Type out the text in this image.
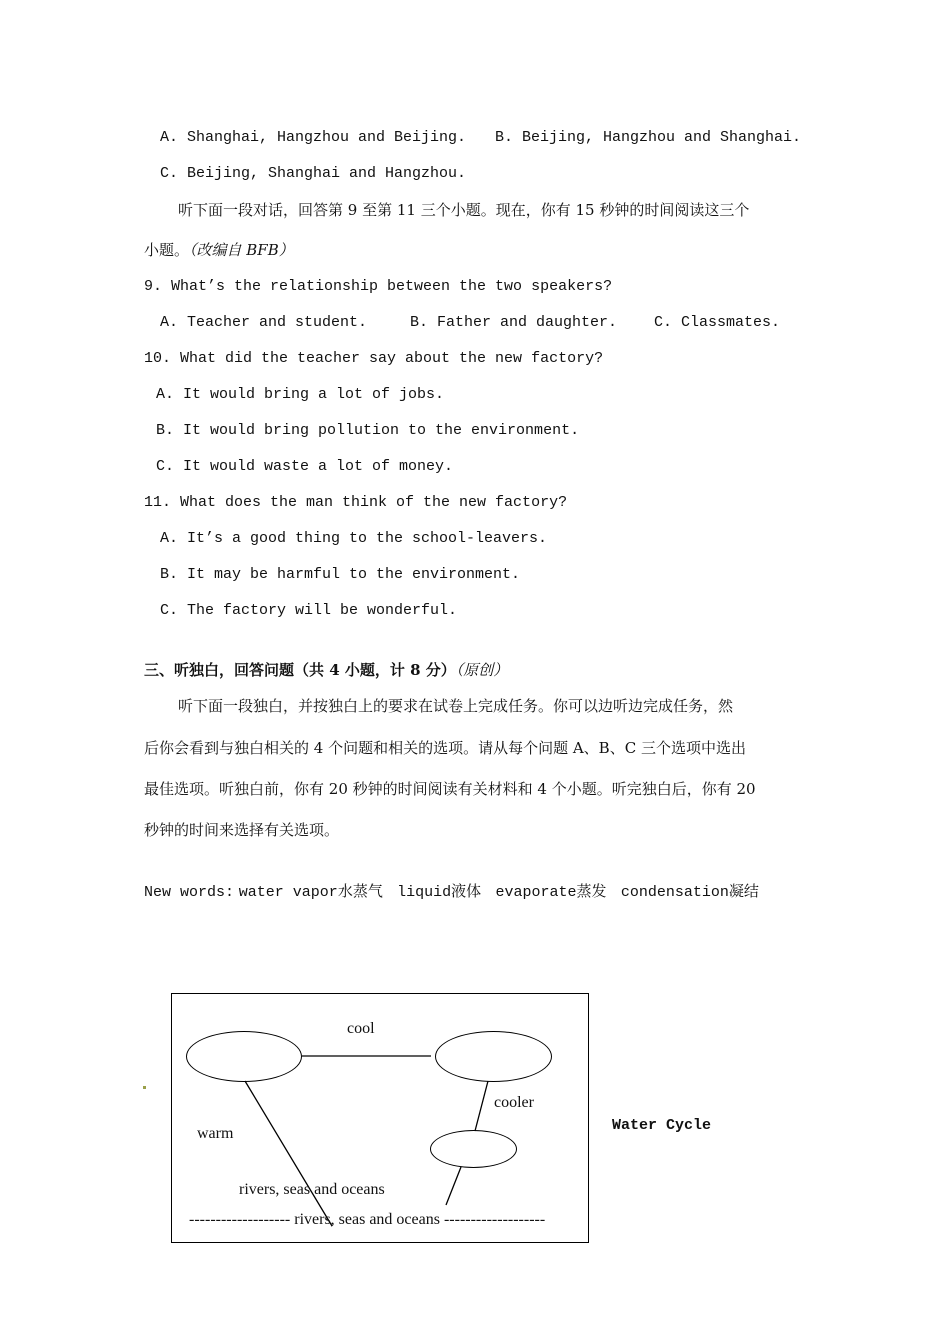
A. Shanghai, Hangzhou and Beijing. B. Beijing, Hangzhou and Shanghai.
C. Beijing, Shanghai and Hangzhou.
听下面一段对话，回答第 9 至第 11 三个小题。现在，你有 15 秒钟的时间阅读这三个
小题。（改编自 BFB）
9. What’s the relationship between the two speakers?
A. Teacher and student.	B. Father and daughter. C. Classmates.
10. What did the teacher say about the new factory?
A. It would bring a lot of jobs.
B. It would bring pollution to the environment.
C. It would waste a lot of money.
11. What does the man think of the new factory?
A. It’s a good thing to the school-leavers.
B. It may be harmful to the environment.
C. The factory will be wonderful.
三、听独白，回答问题（共 4 小题，计 8 分）（原创）
听下面一段独白，并按独白上的要求在试卷上完成任务。你可以边听边完成任务，然
后你会看到与独白相关的 4 个问题和相关的选项。请从每个问题 A、B、C 三个选项中选出
最佳选项。听独白前，你有 20 秒钟的时间阅读有关材料和 4 个小题。听完独白后，你有 20
秒钟的时间来选择有关选项。
New words: water vapor水蒸气 liquid液体 evaporate蒸发 condensation凝结
cool
cooler
warm
rivers, seas and oceans
------------------- rivers, seas and oceans -------------------
Water Cycle
